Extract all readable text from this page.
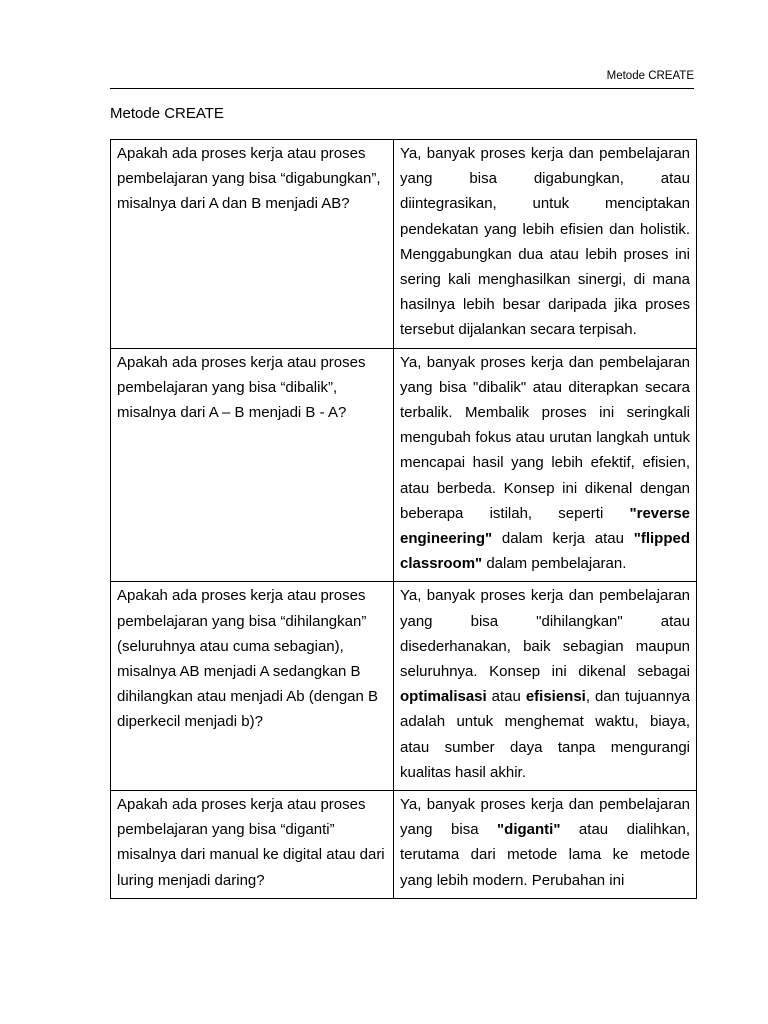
Metode CREATE
Metode CREATE
Apakah ada proses kerja atau proses pembelajaran yang bisa “digabungkan”, misalnya dari A dan B menjadi AB?	Ya, banyak proses kerja dan pembelajaran yang bisa digabungkan, atau diintegrasikan, untuk menciptakan pendekatan yang lebih efisien dan holistik. Menggabungkan dua atau lebih proses ini sering kali menghasilkan sinergi, di mana hasilnya lebih besar daripada jika proses tersebut dijalankan secara terpisah.
Apakah ada proses kerja atau proses pembelajaran yang bisa “dibalik”, misalnya dari A – B menjadi B - A?	Ya, banyak proses kerja dan pembelajaran yang bisa "dibalik" atau diterapkan secara terbalik. Membalik proses ini seringkali mengubah fokus atau urutan langkah untuk mencapai hasil yang lebih efektif, efisien, atau berbeda. Konsep ini dikenal dengan beberapa istilah, seperti "reverse engineering" dalam kerja atau "flipped classroom" dalam pembelajaran.
Apakah ada proses kerja atau proses pembelajaran yang bisa “dihilangkan” (seluruhnya atau cuma sebagian), misalnya AB menjadi A sedangkan B dihilangkan atau menjadi Ab (dengan B diperkecil menjadi b)?	Ya, banyak proses kerja dan pembelajaran yang bisa "dihilangkan" atau disederhanakan, baik sebagian maupun seluruhnya. Konsep ini dikenal sebagai optimalisasi atau efisiensi, dan tujuannya adalah untuk menghemat waktu, biaya, atau sumber daya tanpa mengurangi kualitas hasil akhir.
Apakah ada proses kerja atau proses pembelajaran yang bisa “diganti” misalnya dari manual ke digital atau dari luring menjadi daring?	Ya, banyak proses kerja dan pembelajaran yang bisa "diganti" atau dialihkan, terutama dari metode lama ke metode yang lebih modern. Perubahan ini
